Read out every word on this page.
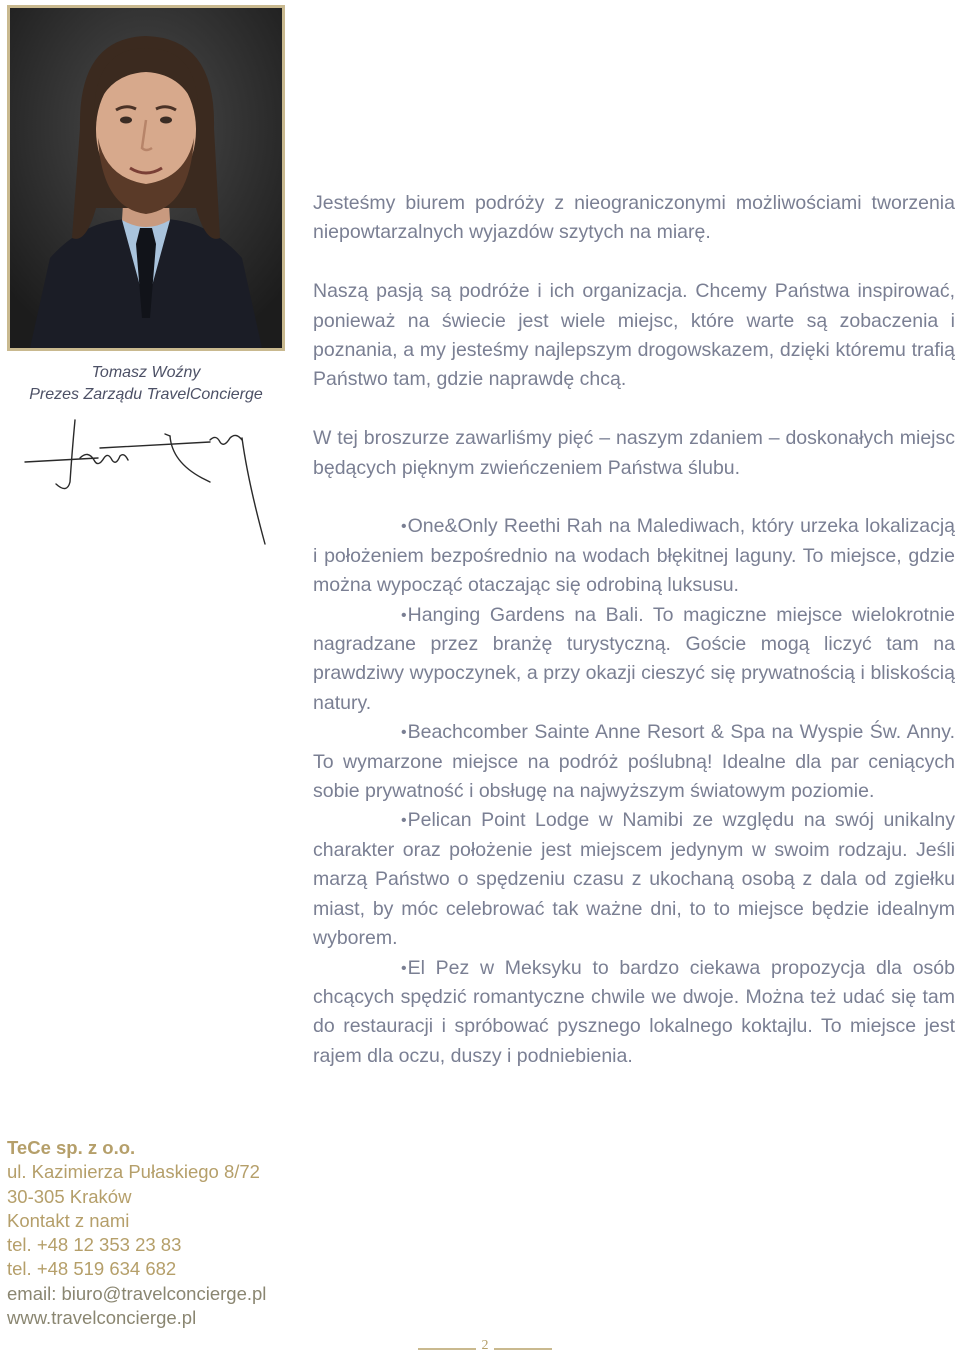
Tomasz Woźny
Prezes Zarządu TravelConcierge

Jesteśmy biurem podróży z nieograniczonymi możliwościami tworzenia niepowtarzalnych wyjazdów szytych na miarę.

Naszą pasją są podróże i ich organizacja. Chcemy Państwa inspirować, ponieważ na świecie jest wiele miejsc, które warte są zobaczenia i poznania, a my jesteśmy najlepszym drogowskazem, dzięki któremu trafią Państwo tam, gdzie naprawdę chcą.

W tej broszurze zawarliśmy pięć – naszym zdaniem – doskonałych miejsc będących pięknym zwieńczeniem Państwa ślubu.

•One&Only Reethi Rah na Malediwach, który urzeka lokalizacją i położeniem bezpośrednio na wodach błękitnej laguny. To miejsce, gdzie można wypocząć otaczając się odrobiną luksusu.

•Hanging Gardens na Bali. To magiczne miejsce wielokrotnie nagradzane przez branżę turystyczną. Goście mogą liczyć tam na prawdziwy wypoczynek, a przy okazji cieszyć się prywatnością i bliskością natury.

•Beachcomber Sainte Anne Resort & Spa na Wyspie Św. Anny. To wymarzone miejsce na podróż poślubną! Idealne dla par ceniących sobie prywatność i obsługę na najwyższym światowym poziomie.

•Pelican Point Lodge w Namibi ze względu na swój unikalny charakter oraz położenie jest miejscem jedynym w swoim rodzaju. Jeśli marzą Państwo o spędzeniu czasu z ukochaną osobą z dala od zgiełku miast, by móc celebrować tak ważne dni, to to miejsce będzie idealnym wyborem.

•El Pez w Meksyku to bardzo ciekawa propozycja dla osób chcących spędzić romantyczne chwile we dwoje. Można też udać się tam do restauracji i spróbować pysznego lokalnego koktajlu. To miejsce jest rajem dla oczu, duszy i podniebienia.

TeCe sp. z o.o.
ul. Kazimierza Pułaskiego 8/72
30-305 Kraków
Kontakt z nami
tel. +48 12 353 23 83
tel. +48 519 634 682
email: biuro@travelconcierge.pl
www.travelconcierge.pl
2
